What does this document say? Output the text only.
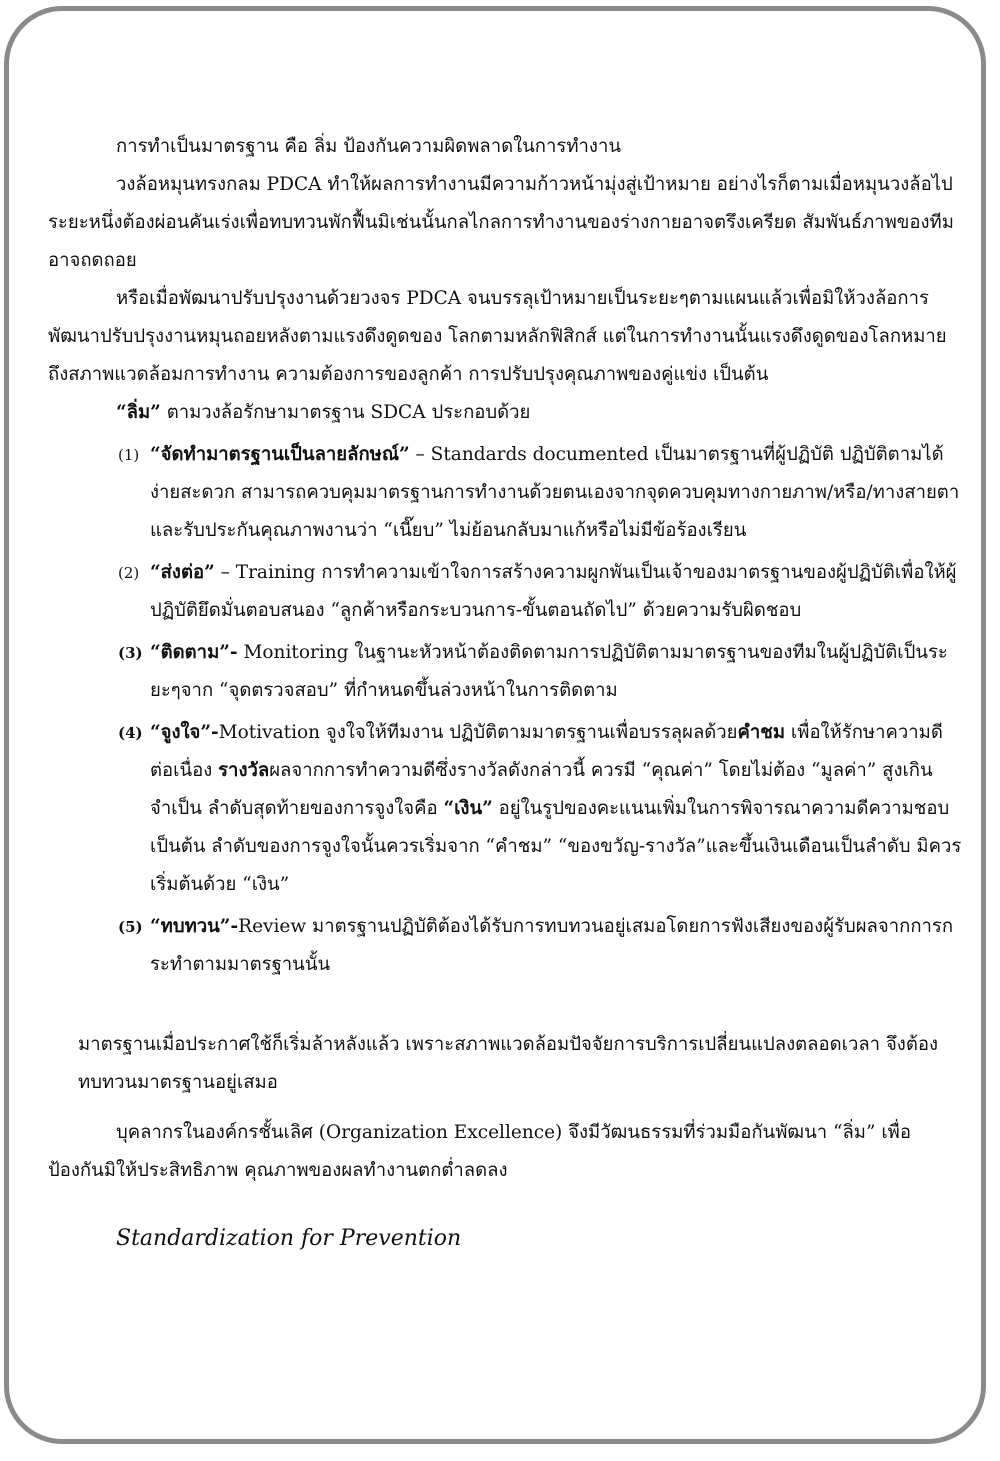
การทำเป็นมาตรฐาน คือ ลิ่ม ป้องกันความผิดพลาดในการทำงาน

วงล้อหมุนทรงกลม PDCA ทำให้ผลการทำงานมีความก้าวหน้ามุ่งสู่เป้าหมาย อย่างไรก็ตามเมื่อหมุนวงล้อไประยะหนึ่งต้องผ่อนคันเร่งเพื่อทบทวนพักฟื้นมิเช่นนั้นกลไกลการทำงานของร่างกายอาจตรึงเครียด สัมพันธ์ภาพของทีมอาจถดถอย

หรือเมื่อพัฒนาปรับปรุงงานด้วยวงจร PDCA จนบรรลุเป้าหมายเป็นระยะๆตามแผนแล้วเพื่อมิให้วงล้อการพัฒนาปรับปรุงงานหมุนถอยหลังตามแรงดึงดูดของ โลกตามหลักฟิสิกส์ แต่ในการทำงานนั้นแรงดึงดูดของโลกหมายถึงสภาพแวดล้อมการทำงาน ความต้องการของลูกค้า การปรับปรุงคุณภาพของคู่แข่ง เป็นต้น

“ลิ่ม” ตามวงล้อรักษามาตรฐาน SDCA ประกอบด้วย

(1) “จัดทำมาตรฐานเป็นลายลักษณ์” – Standards documented เป็นมาตรฐานที่ผู้ปฏิบัติ ปฏิบัติตามได้ง่ายสะดวก สามารถควบคุมมาตรฐานการทำงานด้วยตนเองจากจุดควบคุมทางกายภาพ/หรือ/ทางสายตาและรับประกันคุณภาพงานว่า “เนี๊ยบ” ไม่ย้อนกลับมาแก้หรือไม่มีข้อร้องเรียน
(2) “ส่งต่อ” – Training การทำความเข้าใจการสร้างความผูกพันเป็นเจ้าของมาตรฐานของผู้ปฏิบัติเพื่อให้ผู้ปฏิบัติยึดมั่นตอบสนอง “ลูกค้าหรือกระบวนการ-ขั้นตอนถัดไป” ด้วยความรับผิดชอบ
(3) “ติดตาม”- Monitoring ในฐานะหัวหน้าต้องติดตามการปฏิบัติตามมาตรฐานของทีมในผู้ปฏิบัติเป็นระยะๆจาก “จุดตรวจสอบ” ที่กำหนดขึ้นล่วงหน้าในการติดตาม
(4) “จูงใจ”-Motivation จูงใจให้ทีมงาน ปฏิบัติตามมาตรฐานเพื่อบรรลุผลด้วยคำชม เพื่อให้รักษาความดีต่อเนื่อง รางวัลผลจากการทำความดีซึ่งรางวัลดังกล่าวนี้ ควรมี “คุณค่า” โดยไม่ต้อง “มูลค่า” สูงเกินจำเป็น ลำดับสุดท้ายของการจูงใจคือ “เงิน” อยู่ในรูปของคะแนนเพิ่มในการพิจารณาความดีความชอบเป็นต้น ลำดับของการจูงใจนั้นควรเริ่มจาก “คำชม” “ของขวัญ-รางวัล”และขึ้นเงินเดือนเป็นลำดับ มิควรเริ่มต้นด้วย “เงิน”
(5) “ทบทวน”-Review มาตรฐานปฏิบัติต้องได้รับการทบทวนอยู่เสมอโดยการฟังเสียงของผู้รับผลจากการกระทำตามมาตรฐานนั้น

มาตรฐานเมื่อประกาศใช้ก็เริ่มล้าหลังแล้ว เพราะสภาพแวดล้อมปัจจัยการบริการเปลี่ยนแปลงตลอดเวลา จึงต้องทบทวนมาตรฐานอยู่เสมอ

บุคลากรในองค์กรชั้นเลิศ (Organization Excellence) จึงมีวัฒนธรรมที่ร่วมมือกันพัฒนา “ลิ่ม” เพื่อป้องกันมิให้ประสิทธิภาพ คุณภาพของผลทำงานตกต่ำลดลง

Standardization for Prevention
